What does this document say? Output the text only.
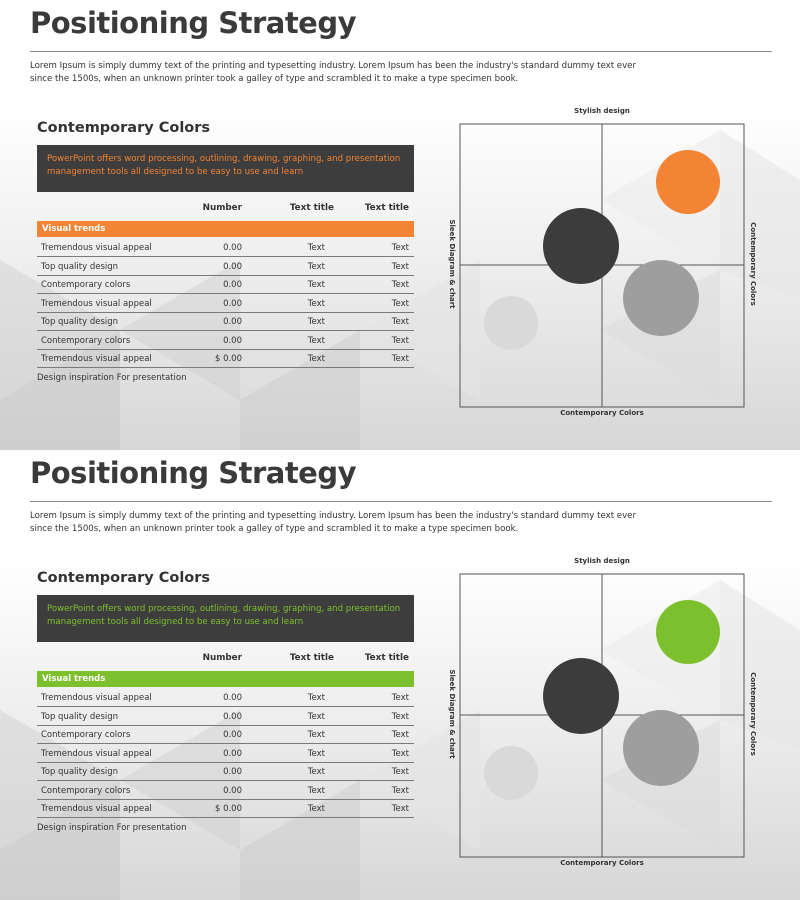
Positioning Strategy
Lorem Ipsum is simply dummy text of the printing and typesetting industry. Lorem Ipsum has been the industry's standard dummy text ever since the 1500s, when an unknown printer took a galley of type and scrambled it to make a type specimen book.
Contemporary Colors
PowerPoint offers word processing, outlining, drawing, graphing, and presentation management tools all designed to be easy to use and learn
Number	Text title	Text title
Visual trends
Design inspiration For presentation
Stylish design
Contemporary Colors
Sleek Diagram & chart	Contemporary Colors
Tremendous visual appeal	0.00	Text	Text
Top quality design	0.00	Text	Text
Contemporary colors	0.00	Text	Text
Tremendous visual appeal	0.00	Text	Text
Top quality design	0.00	Text	Text
Contemporary colors	0.00	Text	Text
Tremendous visual appeal	$ 0.00	Text	Text
Positioning Strategy
Lorem Ipsum is simply dummy text of the printing and typesetting industry. Lorem Ipsum has been the industry's standard dummy text ever since the 1500s, when an unknown printer took a galley of type and scrambled it to make a type specimen book.
Contemporary Colors
PowerPoint offers word processing, outlining, drawing, graphing, and presentation management tools all designed to be easy to use and learn
Number	Text title	Text title
Visual trends
Design inspiration For presentation
Stylish design
Contemporary Colors
Sleek Diagram & chart	Contemporary Colors
Tremendous visual appeal	0.00	Text	Text
Top quality design	0.00	Text	Text
Contemporary colors	0.00	Text	Text
Tremendous visual appeal	0.00	Text	Text
Top quality design	0.00	Text	Text
Contemporary colors	0.00	Text	Text
Tremendous visual appeal	$ 0.00	Text	Text
